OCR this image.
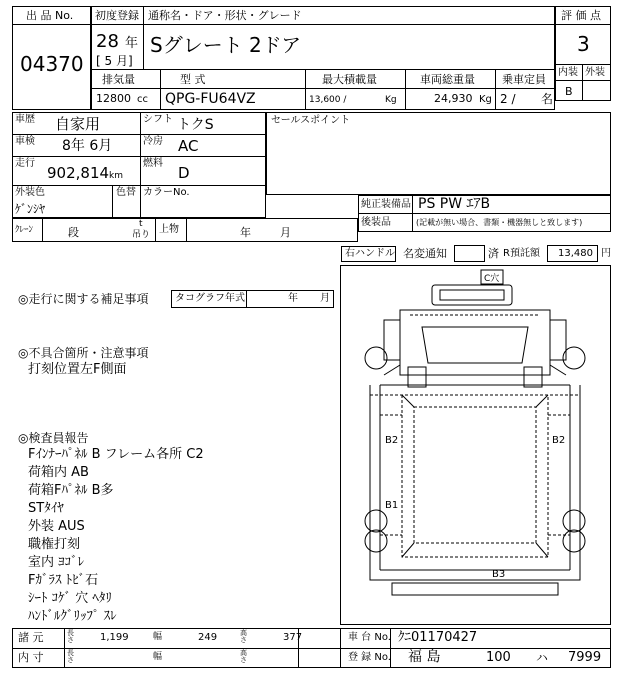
出 品 No.
04370
初度登録 通称名・ドア・形状・グレード
28 年
[ 5 月]
Sグレート 2ドア
排気量	型 式	最大積載量	車両総重量 乗車定員
12800 cc QPG-FU64VZ	13,600 /	Kg	24,930 Kg 2 / 名
評 価 点
3
内装 外装
B
車歴 自家用	シフト トクS
車検 8年 6月	冷房 AC
走行
902,814 km
燃料
D
外装色
ｹﾞﾝｼﾔ
色替 カラーNo.
セールスポイント
純正装備品 PS PW ｴｱB
後装品	(記載が無い場合、書類・機器無しと致します)
ｸﾚｰﾝ	段
t
吊り 上物	年	月
右ハンドル 名変通知	済 R預託額 13,480 円
◎走行に関する補足事項	タコグラフ年式	年 月
◎不具合箇所・注意事項
打刻位置左F側面
◎検査員報告
Fｲﾝﾅｰﾊﾟﾈﾙ B フレーム各所 C2
荷箱内 AB
荷箱Fﾊﾟﾈﾙ B多
STﾀｲﾔ
外装 AUS
職権打刻
室内 ﾖｺﾞﾚ
Fｶﾞﾗｽ ﾄﾋﾞ石
ｼｰﾄ ｺｹﾞ 穴 ﾍﾀﾘ
ﾊﾝﾄﾞﾙｸﾞﾘｯﾌﾟ ｽﾚ
C穴
B2	B2
B1
B3
諸 元	長さ	1,199	幅	249	高さ	377	車 台 No. ｸﾆ01170427
内 寸	長さ	幅	高さ	登 録 No. 福 島	100 ハ 7999
